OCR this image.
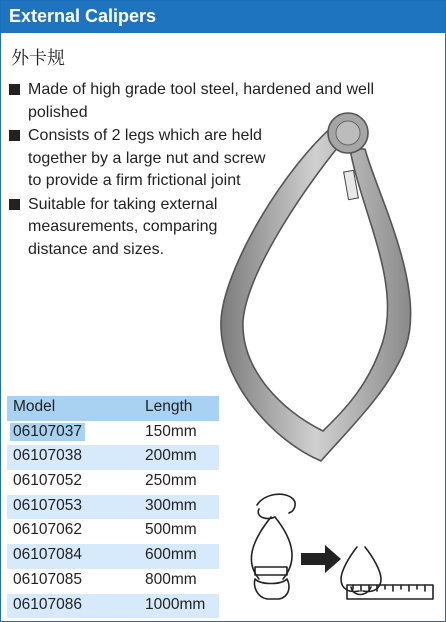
External Calipers
外卡规
Made of high grade tool steel, hardened and well polished
Consists of 2 legs which are held together by a large nut and screw to provide a firm frictional joint
Suitable for taking external measurements, comparing distance and sizes.
Model	Length
06107037	150mm
06107038	200mm
06107052	250mm
06107053	300mm
06107062	500mm
06107084	600mm
06107085	800mm
06107086	1000mm
